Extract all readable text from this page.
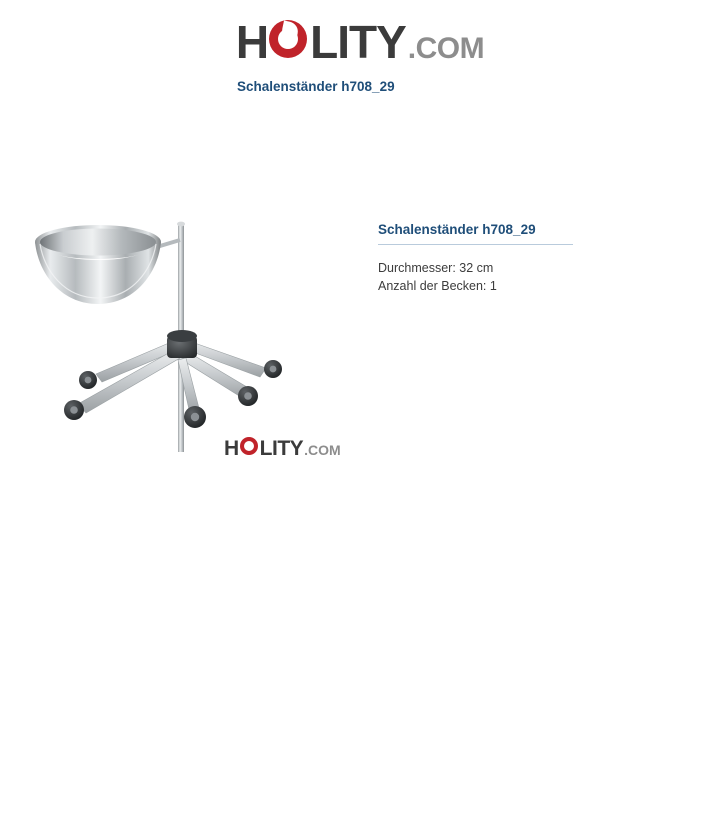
H LITY .COM
Schalenständer h708_29
Schalenständer h708_29
Durchmesser: 32 cm
Anzahl der Becken: 1
H LITY .COM
